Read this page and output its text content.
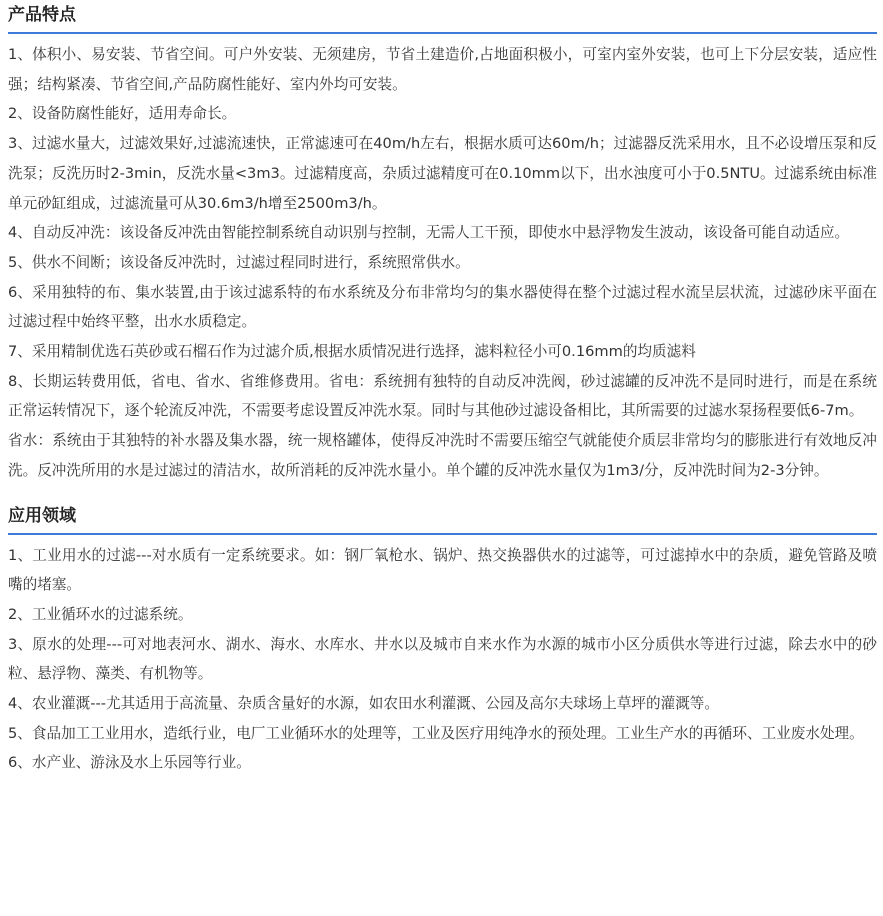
产品特点

1、体积小、易安装、节省空间。可户外安装、无须建房，节省土建造价,占地面积极小，可室内室外安装，也可上下分层安装，适应性强；结构紧凑、节省空间,产品防腐性能好、室内外均可安装。

2、设备防腐性能好，适用寿命长。

3、过滤水量大，过滤效果好,过滤流速快，正常滤速可在40m/h左右，根据水质可达60m/h；过滤器反洗采用水，且不必设增压泵和反洗泵；反洗历时2-3min，反洗水量<3m3。过滤精度高，杂质过滤精度可在0.10mm以下，出水浊度可小于0.5NTU。过滤系统由标准单元砂缸组成，过滤流量可从30.6m3/h增至2500m3/h。

4、自动反冲洗：该设备反冲洗由智能控制系统自动识别与控制，无需人工干预，即使水中悬浮物发生波动，该设备可能自动适应。

5、供水不间断；该设备反冲洗时，过滤过程同时进行，系统照常供水。

6、采用独特的布、集水装置,由于该过滤系特的布水系统及分布非常均匀的集水器使得在整个过滤过程水流呈层状流，过滤砂床平面在过滤过程中始终平整，出水水质稳定。

7、采用精制优选石英砂或石榴石作为过滤介质,根据水质情况进行选择，滤料粒径小可0.16mm的均质滤料

8、长期运转费用低，省电、省水、省维修费用。省电：系统拥有独特的自动反冲洗阀，砂过滤罐的反冲洗不是同时进行，而是在系统正常运转情况下，逐个轮流反冲洗，不需要考虑设置反冲洗水泵。同时与其他砂过滤设备相比，其所需要的过滤水泵扬程要低6-7m。

省水：系统由于其独特的补水器及集水器，统一规格罐体，使得反冲洗时不需要压缩空气就能使介质层非常均匀的膨胀进行有效地反冲洗。反冲洗所用的水是过滤过的清洁水，故所消耗的反冲洗水量小。单个罐的反冲洗水量仅为1m3/分，反冲洗时间为2-3分钟。

应用领域

1、工业用水的过滤---对水质有一定系统要求。如：钢厂氧枪水、锅炉、热交换器供水的过滤等，可过滤掉水中的杂质，避免管路及喷嘴的堵塞。

2、工业循环水的过滤系统。

3、原水的处理---可对地表河水、湖水、海水、水库水、井水以及城市自来水作为水源的城市小区分质供水等进行过滤，除去水中的砂粒、悬浮物、藻类、有机物等。

4、农业灌溉---尤其适用于高流量、杂质含量好的水源，如农田水利灌溉、公园及高尔夫球场上草坪的灌溉等。

5、食品加工工业用水，造纸行业，电厂工业循环水的处理等，工业及医疗用纯净水的预处理。工业生产水的再循环、工业废水处理。

6、水产业、游泳及水上乐园等行业。
